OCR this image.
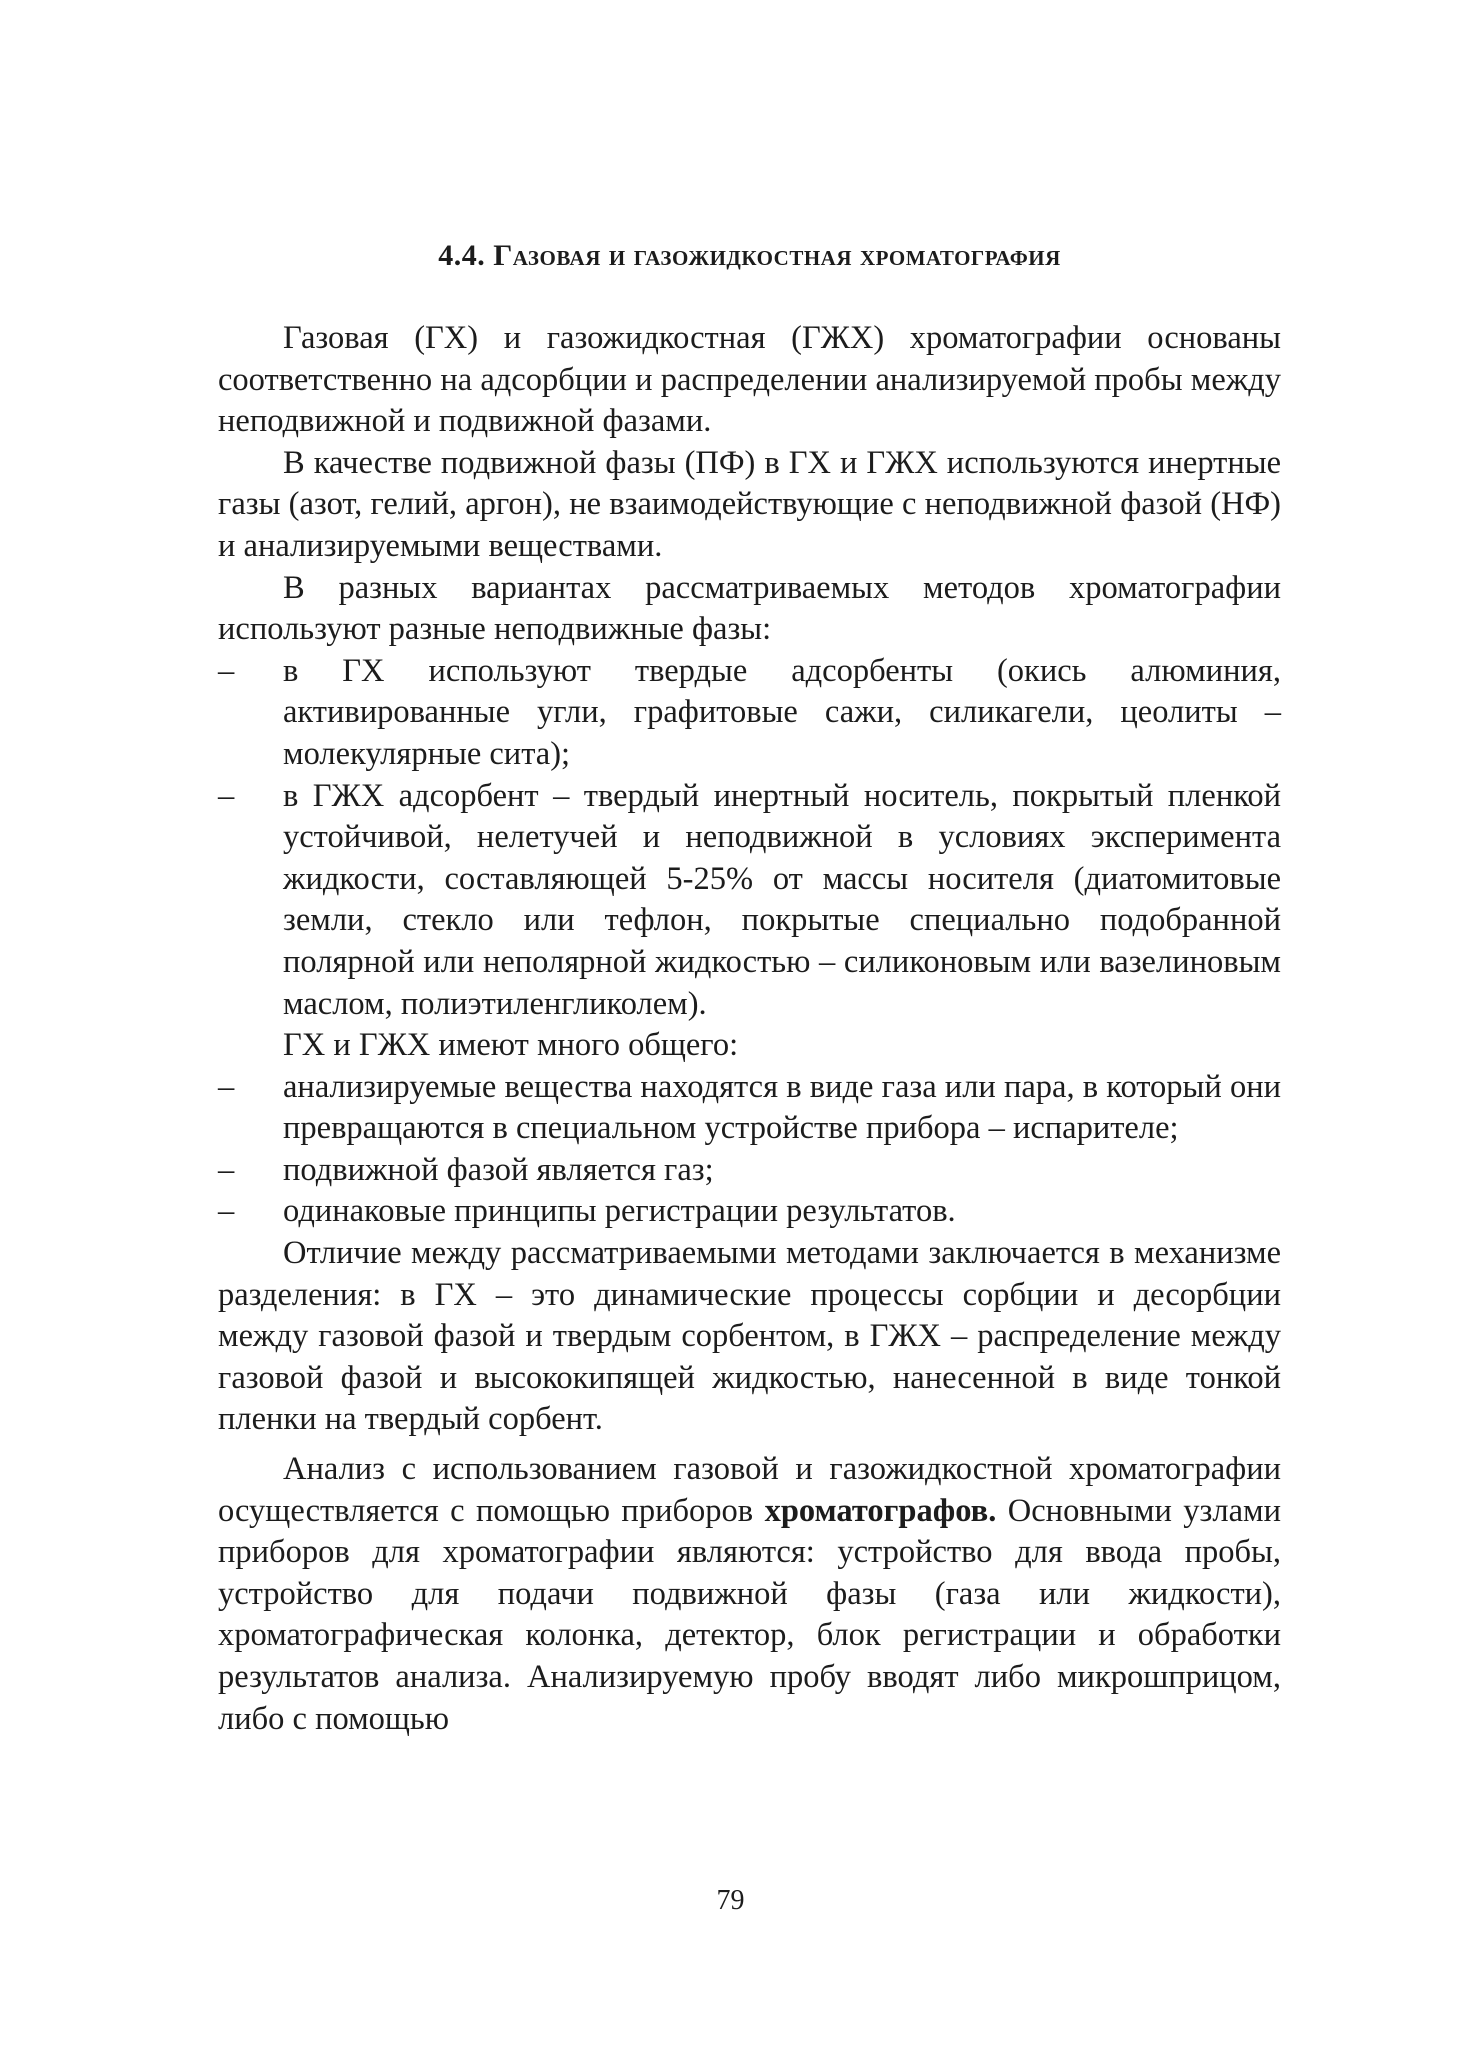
4.4. Газовая и газожидкостная хроматография

Газовая (ГХ) и газожидкостная (ГЖХ) хроматографии основаны соответственно на адсорбции и распределении анализируемой пробы между неподвижной и подвижной фазами.

В качестве подвижной фазы (ПФ) в ГХ и ГЖХ используются инертные газы (азот, гелий, аргон), не взаимодействующие с неподвижной фазой (НФ) и анализируемыми веществами.

В разных вариантах рассматриваемых методов хроматографии используют разные неподвижные фазы:

–	в ГХ используют твердые адсорбенты (окись алюминия, активированные угли, графитовые сажи, силикагели, цеолиты – молекулярные сита);

–	в ГЖХ адсорбент – твердый инертный носитель, покрытый пленкой устойчивой, нелетучей и неподвижной в условиях эксперимента жидкости, составляющей 5-25% от массы носителя (диатомитовые земли, стекло или тефлон, покрытые специально подобранной полярной или неполярной жидкостью – силиконовым или вазелиновым маслом, полиэтиленгликолем).

ГХ и ГЖХ имеют много общего:

–	анализируемые вещества находятся в виде газа или пара, в который они превращаются в специальном устройстве прибора – испарителе;

–	подвижной фазой является газ;

–	одинаковые принципы регистрации результатов.

Отличие между рассматриваемыми методами заключается в механизме разделения: в ГХ – это динамические процессы сорбции и десорбции между газовой фазой и твердым сорбентом, в ГЖХ – распределение между газовой фазой и высококипящей жидкостью, нанесенной в виде тонкой пленки на твердый сорбент.

Анализ с использованием газовой и газожидкостной хроматографии осуществляется с помощью приборов хроматографов. Основными узлами приборов для хроматографии являются: устройство для ввода пробы, устройство для подачи подвижной фазы (газа или жидкости), хроматографическая колонка, детектор, блок регистрации и обработки результатов анализа. Анализируемую пробу вводят либо микрошприцом, либо с помощью

79
